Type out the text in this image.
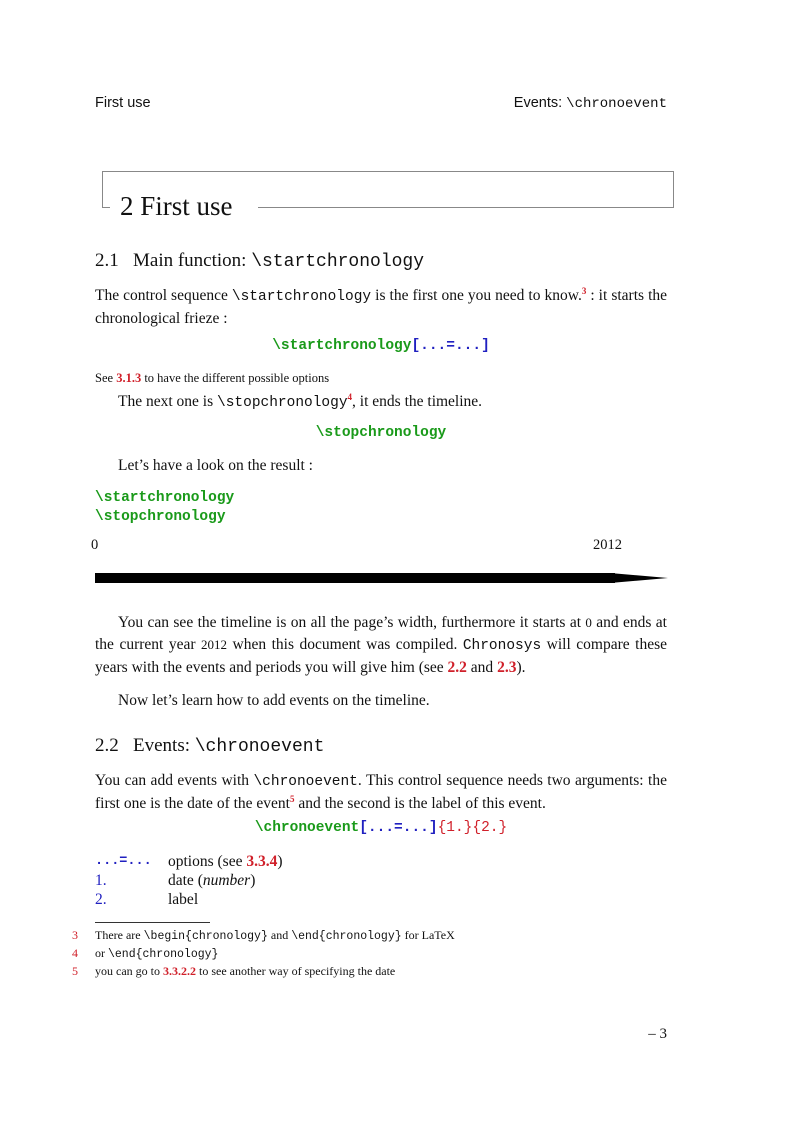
First use	Events: \chronoevent
2 First use
2.1 Main function: \startchronology
The control sequence \startchronology is the first one you need to know.$^3$ : it starts the chronological frieze :
\startchronology[...=...]
See 3.1.3 to have the different possible options
The next one is \stopchronology$^4$, it ends the timeline.
\stopchronology
Let’s have a look on the result :
\startchronology
\stopchronology
0	2012
You can see the timeline is on all the page’s width, furthermore it starts at 0 and ends at the current year 2012 when this document was compiled. Chronosys will compare these years with the events and periods you will give him (see 2.2 and 2.3).
Now let’s learn how to add events on the timeline.
2.2 Events: \chronoevent
You can add events with \chronoevent. This control sequence needs two arguments: the first one is the date of the event$^5$ and the second is the label of this event.
\chronoevent[...=...]{1.}{2.}
...=...	options (see 3.3.4)
1.	date (number)
2.	label
3	There are \begin{chronology} and \end{chronology} for LaTeX
4	or \end{chronology}
5	you can go to 3.3.2.2 to see another way of specifying the date
– 3
